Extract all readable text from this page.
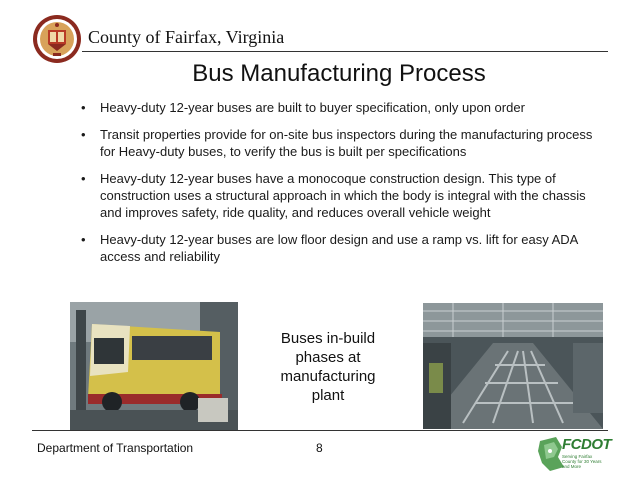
County of Fairfax, Virginia
Bus Manufacturing Process
• Heavy-duty 12-year buses are built to buyer specification, only upon order
• Transit properties provide for on-site bus inspectors during the manufacturing process for Heavy-duty buses, to verify the bus is built per specifications
• Heavy-duty 12-year buses have a monocoque construction design. This type of construction uses a structural approach in which the body is integral with the chassis and improves safety, ride quality, and reduces overall vehicle weight
• Heavy-duty 12-year buses are low floor design and use a ramp vs. lift for easy ADA access and reliability
Buses in-build phases at manufacturing plant
Department of Transportation	8	FCDOT
Serving Fairfax County for 30 Years and More
